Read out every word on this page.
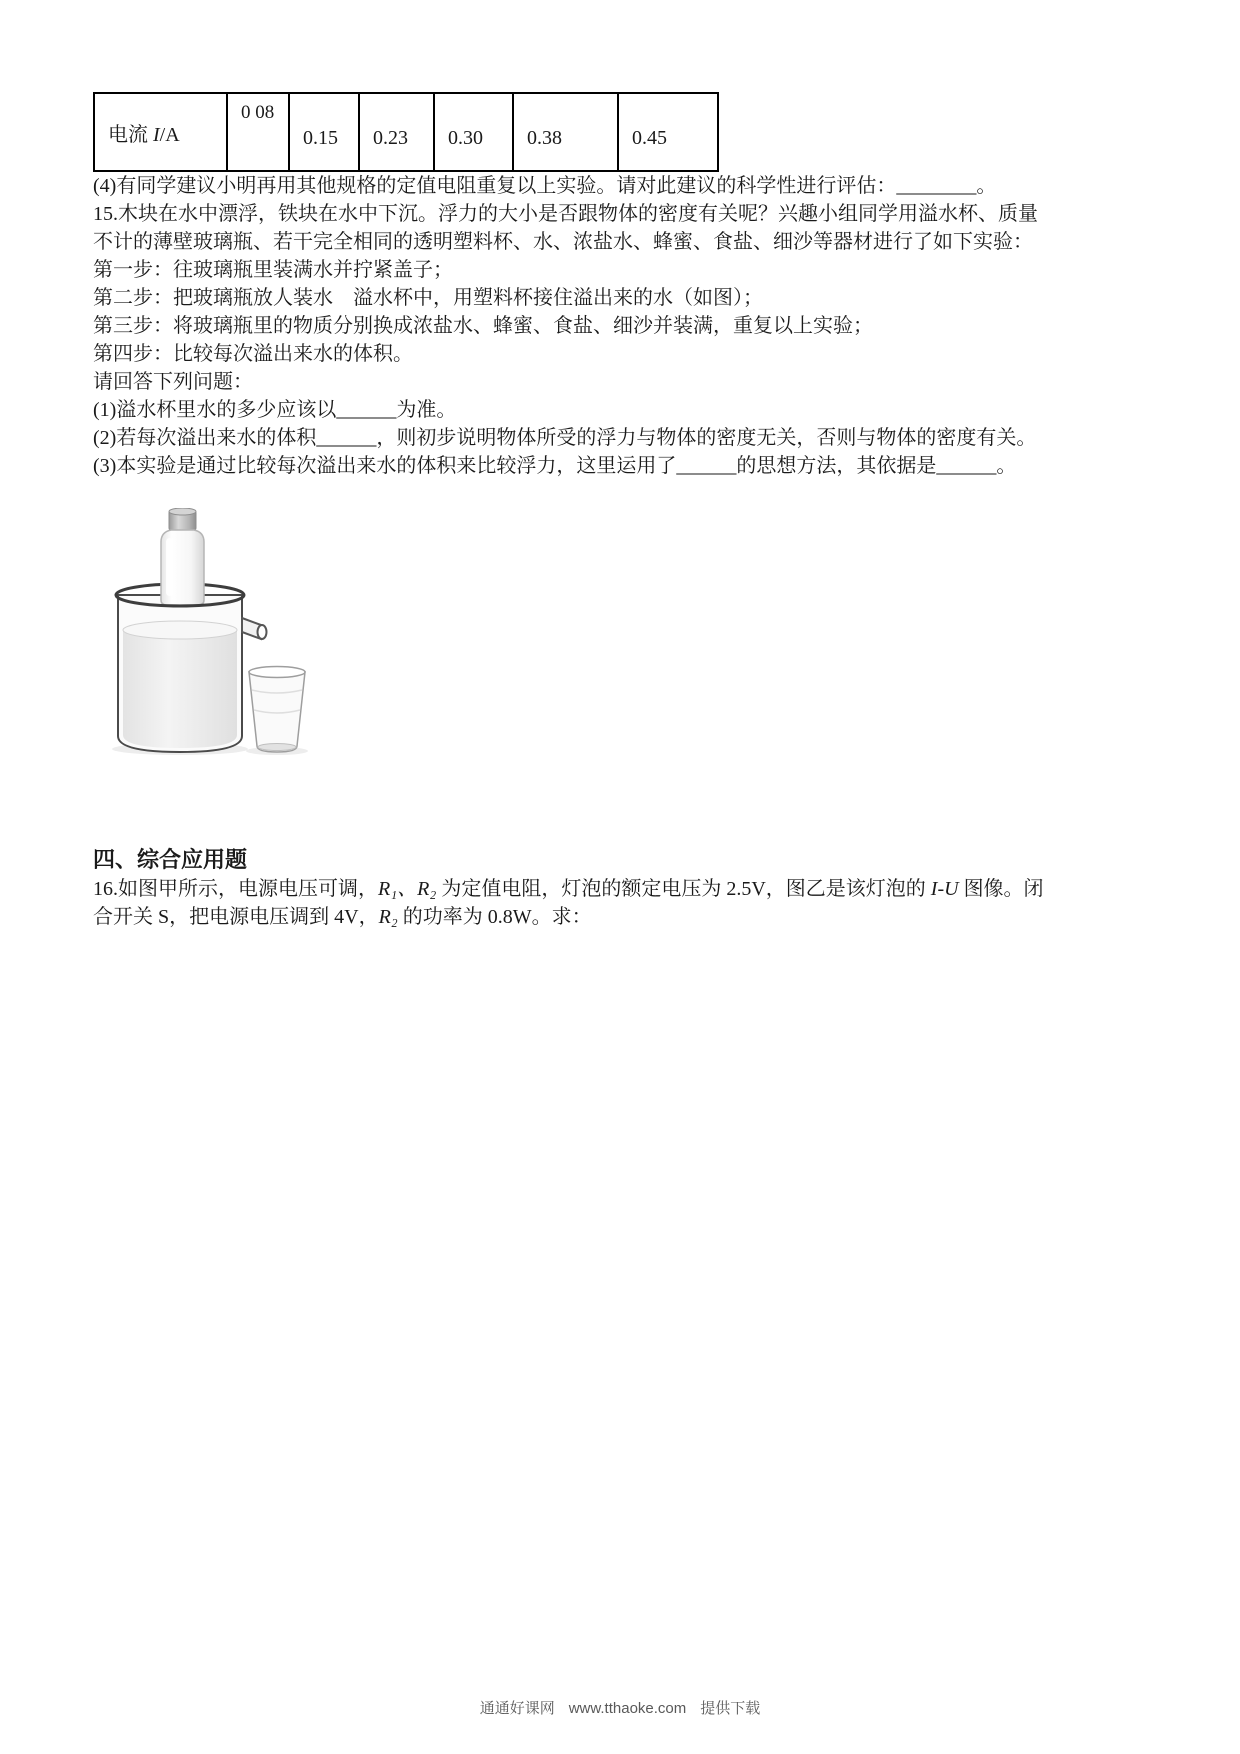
电流 I/A	0 08	0.15	0.23	0.30	0.38	0.45

(4)有同学建议小明再用其他规格的定值电阻重复以上实验。请对此建议的科学性进行评估：________。

15.木块在水中漂浮，铁块在水中下沉。浮力的大小是否跟物体的密度有关呢？兴趣小组同学用溢水杯、质量

不计的薄壁玻璃瓶、若干完全相同的透明塑料杯、水、浓盐水、蜂蜜、食盐、细沙等器材进行了如下实验：

第一步：往玻璃瓶里装满水并拧紧盖子；

第二步：把玻璃瓶放人装水　溢水杯中，用塑料杯接住溢出来的水（如图）；

第三步：将玻璃瓶里的物质分别换成浓盐水、蜂蜜、食盐、细沙并装满，重复以上实验；

第四步：比较每次溢出来水的体积。

请回答下列问题：

(1)溢水杯里水的多少应该以______为准。

(2)若每次溢出来水的体积______，则初步说明物体所受的浮力与物体的密度无关，否则与物体的密度有关。

(3)本实验是通过比较每次溢出来水的体积来比较浮力，这里运用了______的思想方法，其依据是______。

四、综合应用题

16.如图甲所示，电源电压可调，R₁、R₂ 为定值电阻，灯泡的额定电压为 2.5V，图乙是该灯泡的 I-U 图像。闭

合开关 S，把电源电压调到 4V，R₂ 的功率为 0.8W。求：

通通好课网 www.tthaoke.com 提供下载
